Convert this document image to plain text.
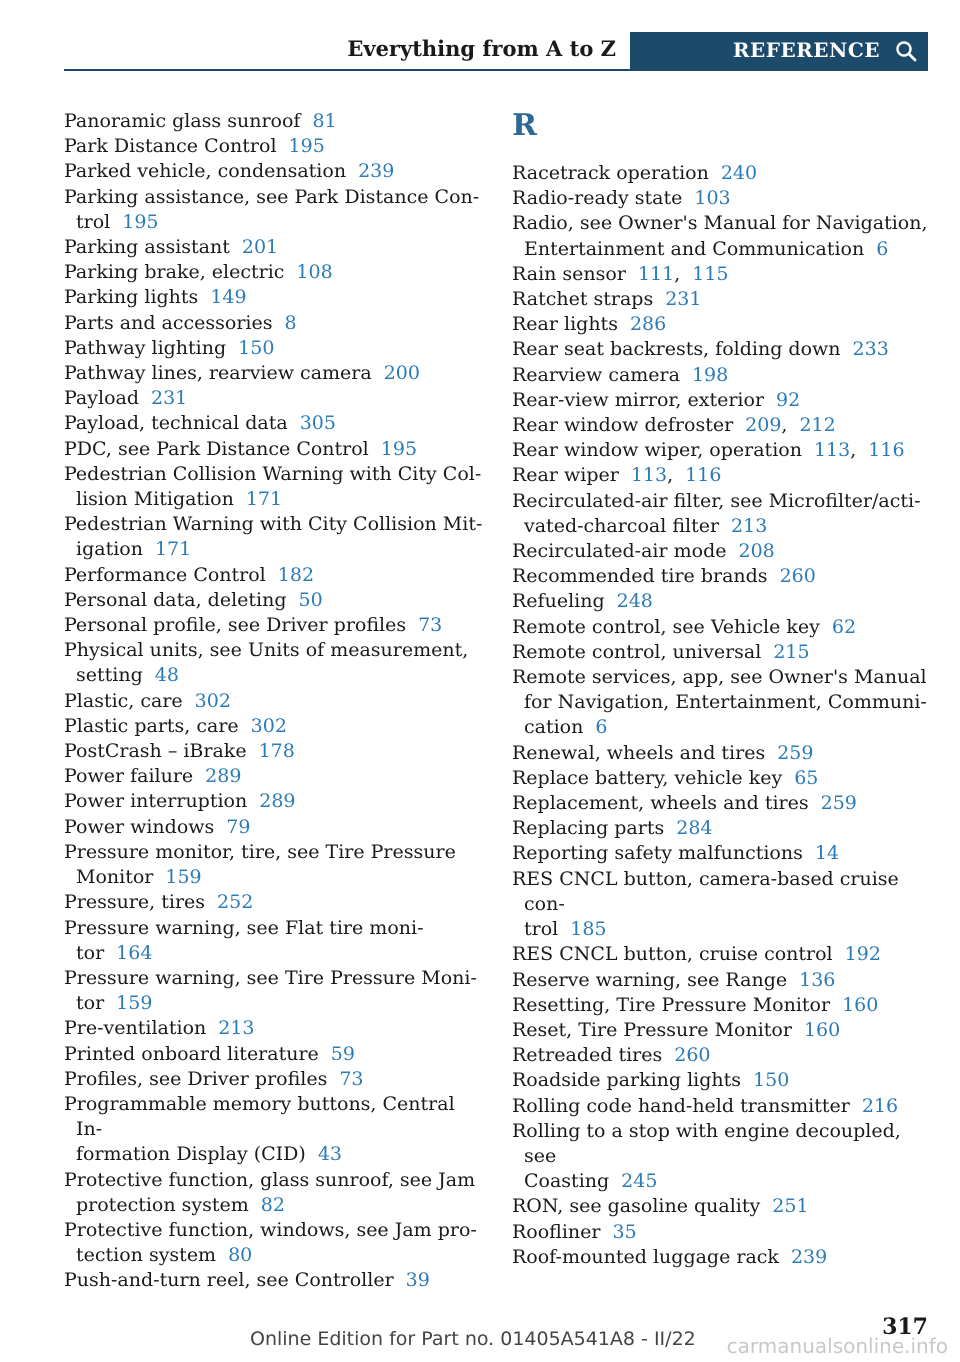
Everything from A to Z	REFERENCE

Panoramic glass sunroof 81

Park Distance Control 195

Parked vehicle, condensation 239

Parking assistance, see Park Distance Con-
trol 195

Parking assistant 201

Parking brake, electric 108

Parking lights 149

Parts and accessories 8

Pathway lighting 150

Pathway lines, rearview camera 200

Payload 231

Payload, technical data 305

PDC, see Park Distance Control 195

Pedestrian Collision Warning with City Col-
lision Mitigation 171

Pedestrian Warning with City Collision Mit-
igation 171

Performance Control 182

Personal data, deleting 50

Personal profile, see Driver profiles 73

Physical units, see Units of measurement,
setting 48

Plastic, care 302

Plastic parts, care 302

PostCrash – iBrake 178

Power failure 289

Power interruption 289

Power windows 79

Pressure monitor, tire, see Tire Pressure
Monitor 159

Pressure, tires 252

Pressure warning, see Flat tire moni-
tor 164

Pressure warning, see Tire Pressure Moni-
tor 159

Pre-ventilation 213

Printed onboard literature 59

Profiles, see Driver profiles 73

Programmable memory buttons, Central In-
formation Display (CID) 43

Protective function, glass sunroof, see Jam
protection system 82

Protective function, windows, see Jam pro-
tection system 80

Push-and-turn reel, see Controller 39

R

Racetrack operation 240

Radio-ready state 103

Radio, see Owner's Manual for Navigation,
Entertainment and Communication 6

Rain sensor 111, 115

Ratchet straps 231

Rear lights 286

Rear seat backrests, folding down 233

Rearview camera 198

Rear-view mirror, exterior 92

Rear window defroster 209, 212

Rear window wiper, operation 113, 116

Rear wiper 113, 116

Recirculated-air filter, see Microfilter/acti-
vated-charcoal filter 213

Recirculated-air mode 208

Recommended tire brands 260

Refueling 248

Remote control, see Vehicle key 62

Remote control, universal 215

Remote services, app, see Owner's Manual
for Navigation, Entertainment, Communi-
cation 6

Renewal, wheels and tires 259

Replace battery, vehicle key 65

Replacement, wheels and tires 259

Replacing parts 284

Reporting safety malfunctions 14

RES CNCL button, camera-based cruise con-
trol 185

RES CNCL button, cruise control 192

Reserve warning, see Range 136

Resetting, Tire Pressure Monitor 160

Reset, Tire Pressure Monitor 160

Retreaded tires 260

Roadside parking lights 150

Rolling code hand-held transmitter 216

Rolling to a stop with engine decoupled, see
Coasting 245

RON, see gasoline quality 251

Roofliner 35

Roof-mounted luggage rack 239

Online Edition for Part no. 01405A541A8 - II/22	317
carmanualsonline.info
